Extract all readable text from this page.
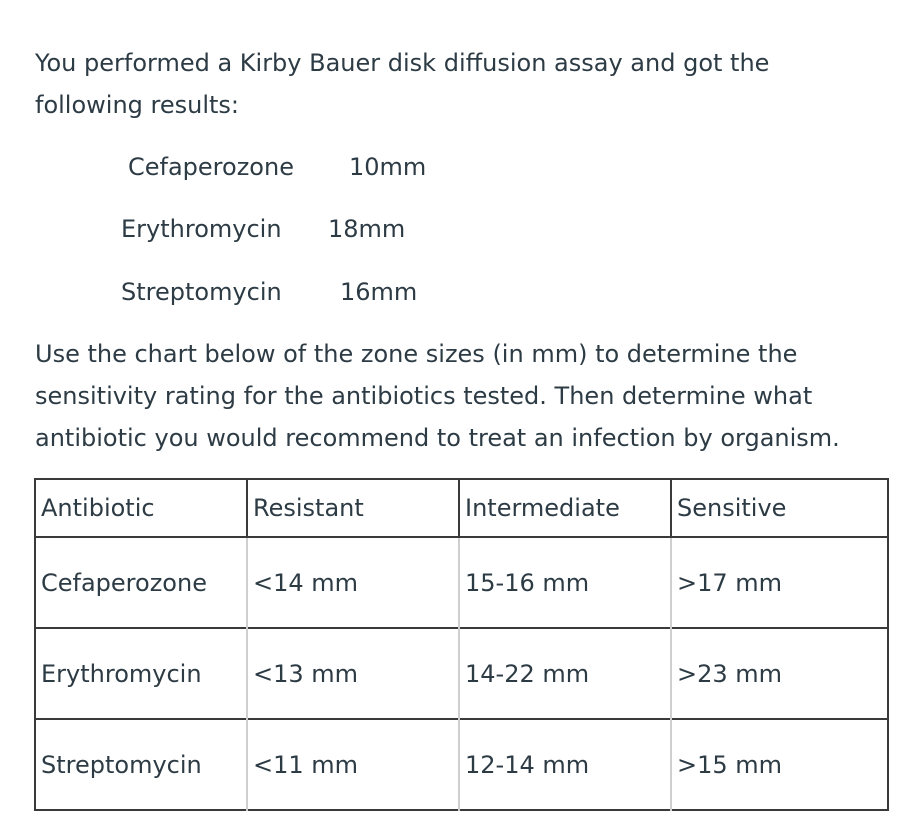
You performed a Kirby Bauer disk diffusion assay and got the
following results:

Cefaperozone 10mm
Erythromycin 18mm
Streptomycin 16mm

Use the chart below of the zone sizes (in mm) to determine the
sensitivity rating for the antibiotics tested. Then determine what
antibiotic you would recommend to treat an infection by organism.

Antibiotic	Resistant	Intermediate	Sensitive
Cefaperozone	<14 mm	15-16 mm	>17 mm
Erythromycin	<13 mm	14-22 mm	>23 mm
Streptomycin	<11 mm	12-14 mm	>15 mm
